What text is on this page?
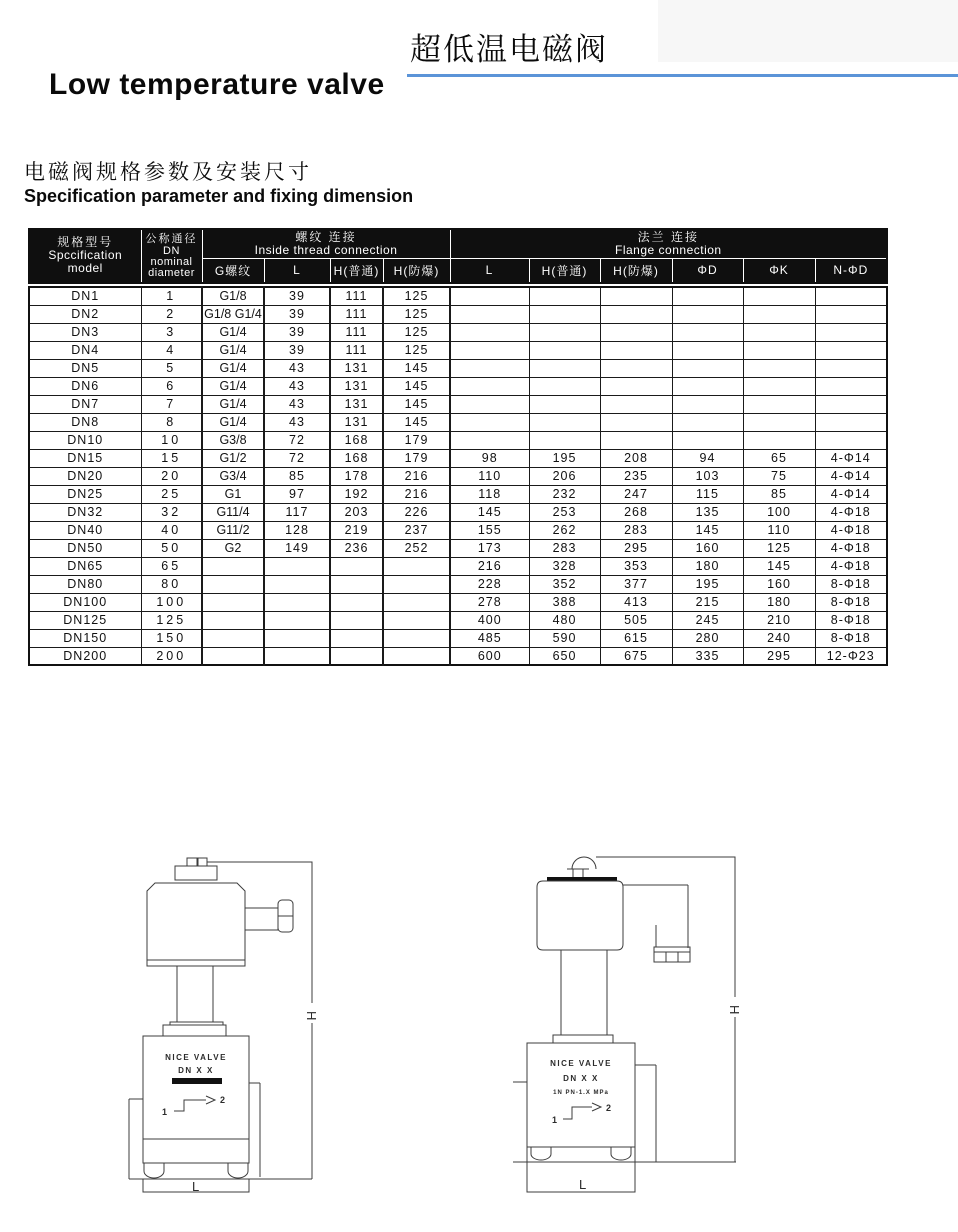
超低温电磁阀
Low temperature valve
电磁阀规格参数及安装尺寸
Specification parameter and fixing dimension
规格型号
Spccification
model

公称通径
DN
nominal
diameter

螺纹 连接
Inside thread connection

法兰 连接
Flange connection

		G螺纹	L	H(普通)	H(防爆)	L	H(普通)	H(防爆)	ΦD	ΦK	N-ΦD
DN1	1	G1/8	39	111	125						
DN2	2	G1/8 G1/4	39	111	125						
DN3	3	G1/4	39	111	125						
DN4	4	G1/4	39	111	125						
DN5	5	G1/4	43	131	145						
DN6	6	G1/4	43	131	145						
DN7	7	G1/4	43	131	145						
DN8	8	G1/4	43	131	145						
DN10	10	G3/8	72	168	179						
DN15	15	G1/2	72	168	179	98	195	208	94	65	4-Φ14
DN20	20	G3/4	85	178	216	110	206	235	103	75	4-Φ14
DN25	25	G1	97	192	216	118	232	247	115	85	4-Φ14
DN32	32	G11/4	117	203	226	145	253	268	135	100	4-Φ18
DN40	40	G11/2	128	219	237	155	262	283	145	110	4-Φ18
DN50	50	G2	149	236	252	173	283	295	160	125	4-Φ18
DN65	65					216	328	353	180	145	4-Φ18
DN80	80					228	352	377	195	160	8-Φ18
DN100	100					278	388	413	215	180	8-Φ18
DN125	125					400	480	505	245	210	8-Φ18
DN150	150					485	590	615	280	240	8-Φ18
DN200	200					600	650	675	335	295	12-Φ23
NICE VALVE
DN X X
1
2
H
L
NICE VALVE
DN X X
1N PN-1.X MPa
1
2
H
L
